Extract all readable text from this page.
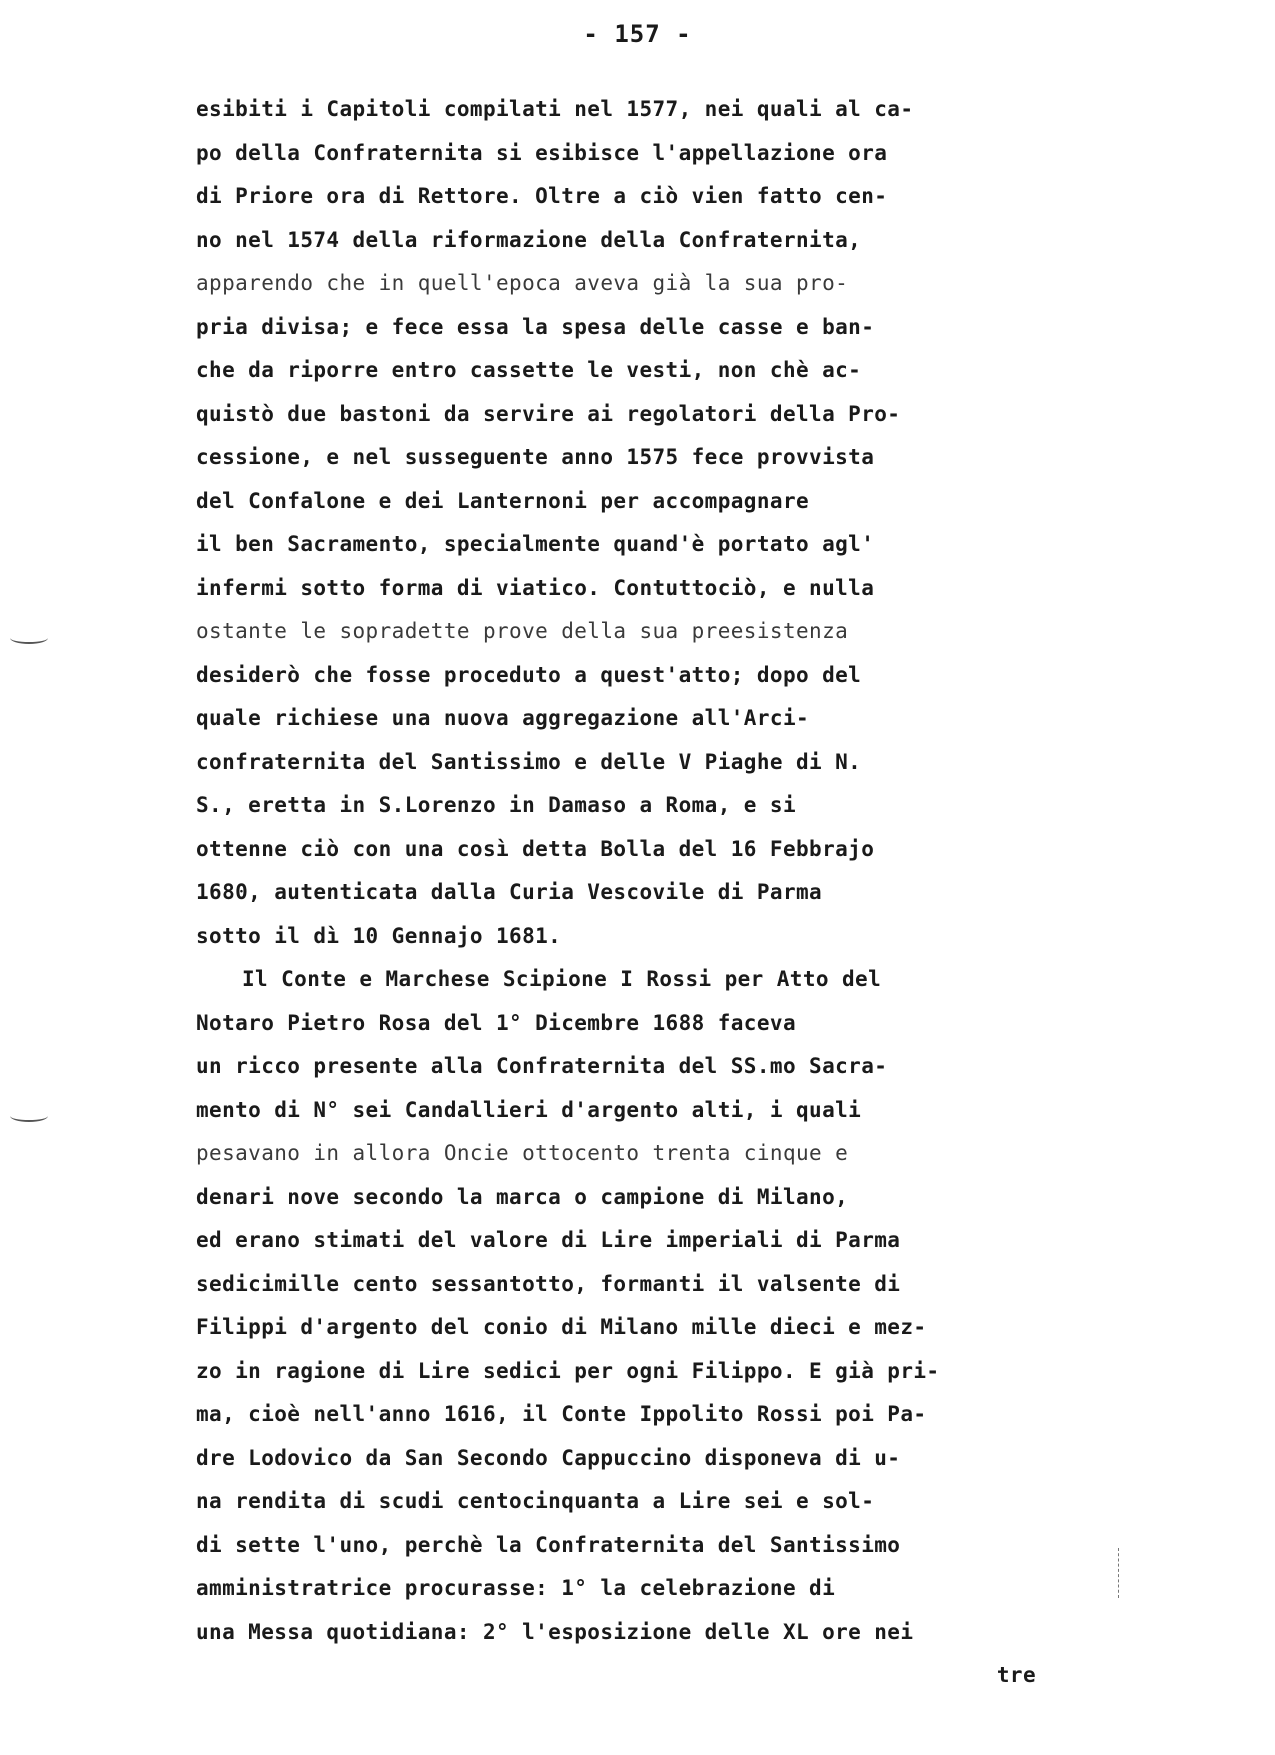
- 157 -
esibiti i Capitoli compilati nel 1577, nei quali al ca-
po della Confraternita si esibisce l'appellazione ora
di Priore ora di Rettore. Oltre a ciò vien fatto cen-
no nel 1574 della riformazione della Confraternita,
apparendo che in quell'epoca aveva già la sua pro-
pria divisa; e fece essa la spesa delle casse e ban-
che da riporre entro cassette le vesti, non chè ac-
quistò due bastoni da servire ai regolatori della Pro-
cessione, e nel susseguente anno 1575 fece provvista
del Confalone e dei Lanternoni per accompagnare
il ben Sacramento, specialmente quand'è portato agl'
infermi sotto forma di viatico. Contuttociò, e nulla
ostante le sopradette prove della sua preesistenza
desiderò che fosse proceduto a quest'atto; dopo del
quale richiese una nuova aggregazione all'Arci-
confraternita del Santissimo e delle V Piaghe di N.
S., eretta in S.Lorenzo in Damaso a Roma, e si
ottenne ciò con una così detta Bolla del 16 Febbrajo
1680, autenticata dalla Curia Vescovile di Parma
sotto il dì 10 Gennajo 1681.
Il Conte e Marchese Scipione I Rossi per Atto del
Notaro Pietro Rosa del 1° Dicembre 1688 faceva
un ricco presente alla Confraternita del SS.mo Sacra-
mento di N° sei Candallieri d'argento alti, i quali
pesavano in allora Oncie ottocento trenta cinque e
denari nove secondo la marca o campione di Milano,
ed erano stimati del valore di Lire imperiali di Parma
sedicimille cento sessantotto, formanti il valsente di
Filippi d'argento del conio di Milano mille dieci e mez-
zo in ragione di Lire sedici per ogni Filippo. E già pri-
ma, cioè nell'anno 1616, il Conte Ippolito Rossi poi Pa-
dre Lodovico da San Secondo Cappuccino disponeva di u-
na rendita di scudi centocinquanta a Lire sei e sol-
di sette l'uno, perchè la Confraternita del Santissimo
amministratrice procurasse: 1° la celebrazione di
una Messa quotidiana: 2° l'esposizione delle XL ore nei
tre
